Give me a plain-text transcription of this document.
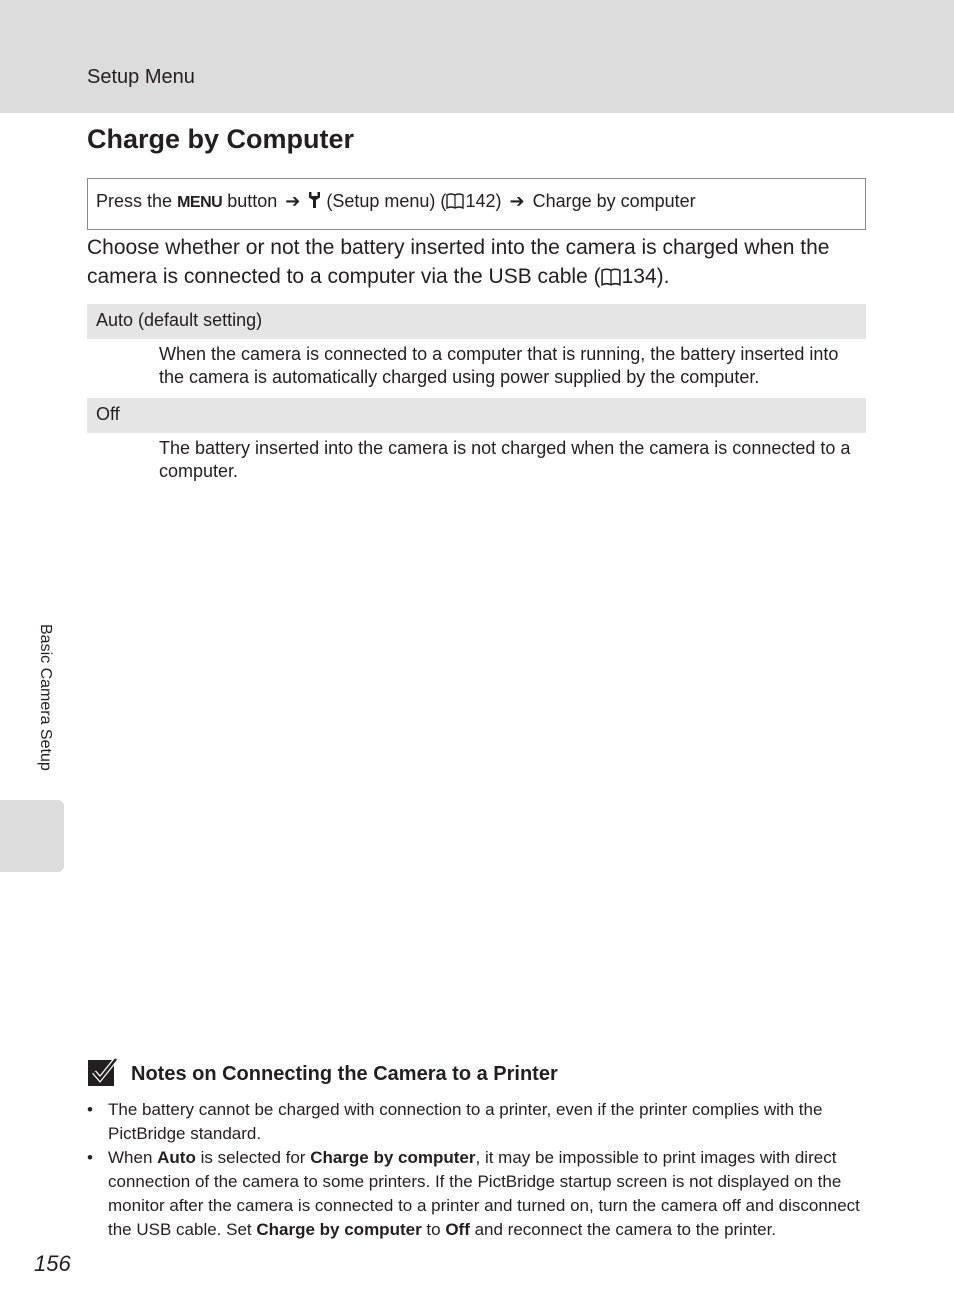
Setup Menu
Charge by Computer
Press the MENU button ➔ (Setup menu) ( 142) ➔ Charge by computer

Choose whether or not the battery inserted into the camera is charged when the camera is connected to a computer via the USB cable ( 134).

Auto (default setting)

When the camera is connected to a computer that is running, the battery inserted into the camera is automatically charged using power supplied by the computer.

Off

The battery inserted into the camera is not charged when the camera is connected to a computer.

Basic Camera Setup
Notes on Connecting the Camera to a Printer
• The battery cannot be charged with connection to a printer, even if the printer complies with the PictBridge standard.
• When Auto is selected for Charge by computer, it may be impossible to print images with direct connection of the camera to some printers. If the PictBridge startup screen is not displayed on the monitor after the camera is connected to a printer and turned on, turn the camera off and disconnect the USB cable. Set Charge by computer to Off and reconnect the camera to the printer.
156
